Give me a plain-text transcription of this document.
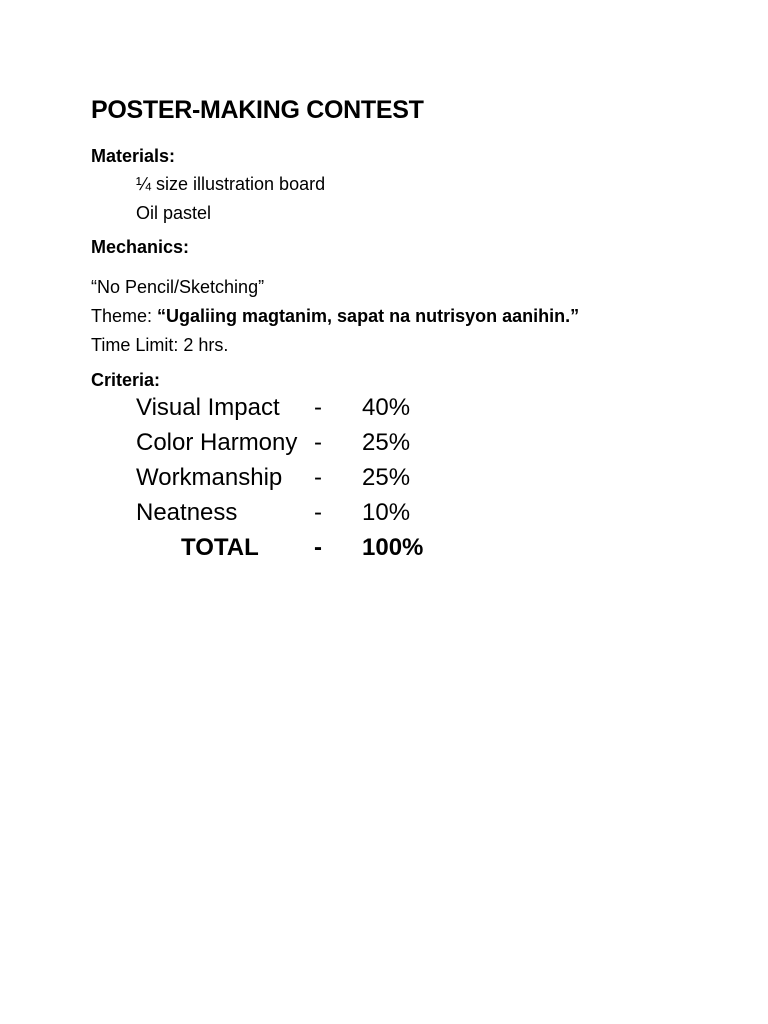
POSTER-MAKING CONTEST
Materials:
¼ size illustration board
Oil pastel
Mechanics:
“No Pencil/Sketching”
Theme: “Ugaliing magtanim, sapat na nutrisyon aanihin.”
Time Limit: 2 hrs.
Criteria:
Visual Impact - 40%
Color Harmony - 25%
Workmanship - 25%
Neatness	- 10%
TOTAL - 100%
